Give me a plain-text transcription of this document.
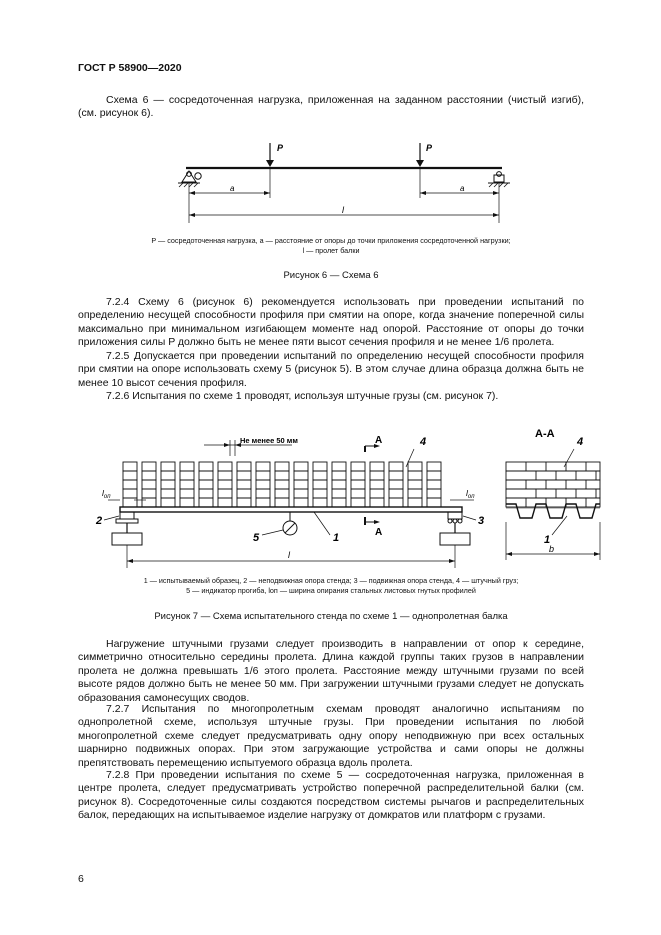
ГОСТ Р 58900—2020

Схема 6 — сосредоточенная нагрузка, приложенная на заданном расстоянии (чистый изгиб), (см. рисунок 6).

P	P
a	a
l

P — сосредоточенная нагрузка, a — расстояние от опоры до точки приложения сосредоточенной нагрузки;

l — пролет балки

Рисунок 6 — Схема 6

7.2.4 Схему 6 (рисунок 6) рекомендуется использовать при проведении испытаний по определению несущей способности профиля при смятии на опоре, когда значение поперечной силы максимально при минимальном изгибающем моменте над опорой. Расстояние от опоры до точки приложения силы P должно быть не менее пяти высот сечения профиля и не менее 1/6 пролета.

7.2.5 Допускается при проведении испытаний по определению несущей способности профиля при смятии на опоре использовать схему 5 (рисунок 5). В этом случае длина образца должна быть не менее 10 высот сечения профиля.

7.2.6 Испытания по схеме 1 проводят, используя штучные грузы (см. рисунок 7).

$l_{оп}$	$l_{оп}$
Не менее 50 мм	A
A
4
2	3
5	1
l
A-A
4
1
b

1 — испытываемый образец, 2 — неподвижная опора стенда; 3 — подвижная опора стенда, 4 — штучный груз;

5 — индикатор прогиба, lоп — ширина опирания стальных листовых гнутых профилей

Рисунок 7 — Схема испытательного стенда по схеме 1 — однопролетная балка

Нагружение штучными грузами следует производить в направлении от опор к середине, симметрично относительно середины пролета. Длина каждой группы таких грузов в направлении пролета не должна превышать 1/6 этого пролета. Расстояние между штучными грузами по всей высоте рядов должно быть не менее 50 мм. При загружении штучными грузами следует не допускать образования самонесущих сводов.

7.2.7 Испытания по многопролетным схемам проводят аналогично испытаниям по однопролетной схеме, используя штучные грузы. При проведении испытания по любой многопролетной схеме следует предусматривать одну опору неподвижную при всех остальных шарнирно подвижных опорах. При этом загружающие устройства и сами опоры не должны препятствовать перемещению испытуемого образца вдоль пролета.

7.2.8 При проведении испытания по схеме 5 — сосредоточенная нагрузка, приложенная в центре пролета, следует предусматривать устройство поперечной распределительной балки (см. рисунок 8). Сосредоточенные силы создаются посредством системы рычагов и распределительных балок, передающих на испытываемое изделие нагрузку от домкратов или платформ с грузами.

6
